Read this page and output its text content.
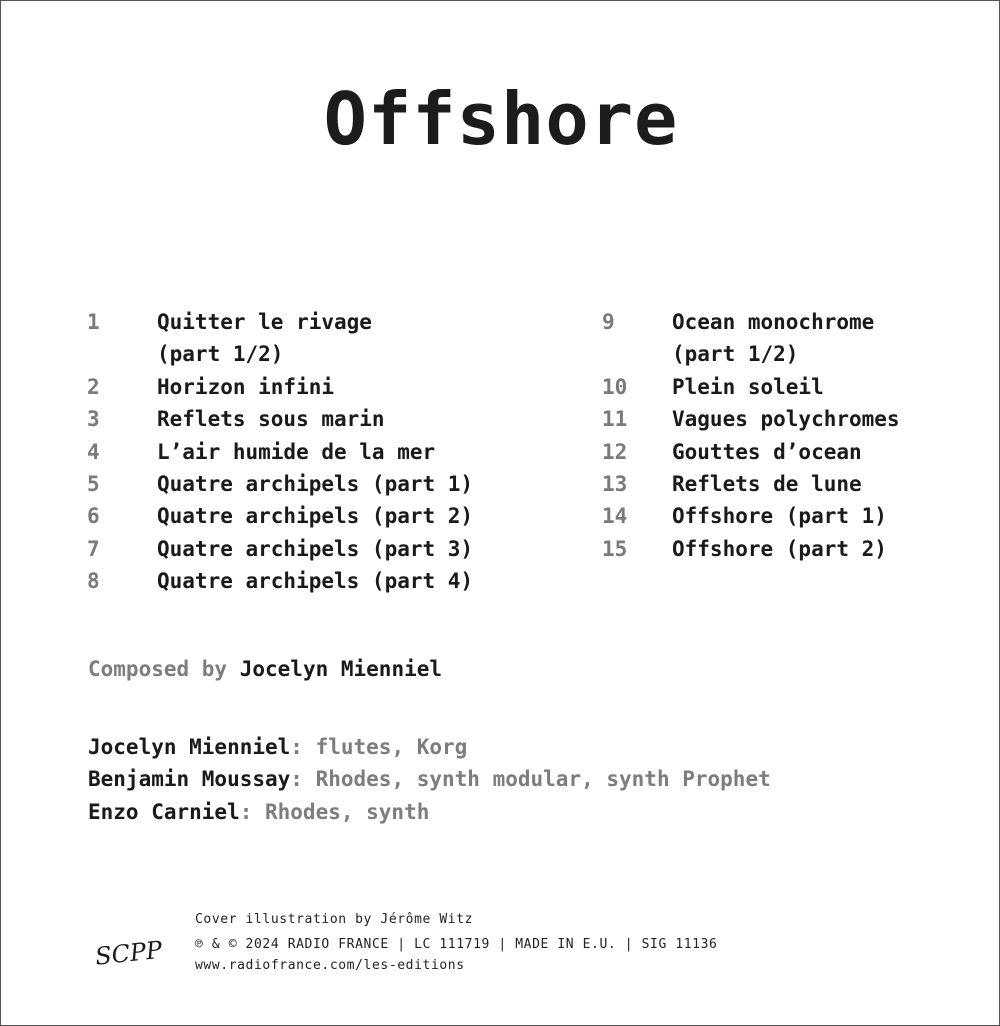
Offshore
1	Quitter le rivage
(part 1/2)
2	Horizon infini
3	Reflets sous marin
4	L’air humide de la mer
5	Quatre archipels (part 1)
6	Quatre archipels (part 2)
7	Quatre archipels (part 3)
8	Quatre archipels (part 4)
9	Ocean monochrome
(part 1/2)
10	Plein soleil
11	Vagues polychromes
12	Gouttes d’ocean
13	Reflets de lune
14	Offshore (part 1)
15	Offshore (part 2)
Composed by Jocelyn Mienniel
Jocelyn Mienniel: flutes, Korg
Benjamin Moussay: Rhodes, synth modular, synth Prophet
Enzo Carniel: Rhodes, synth
SCPP
Cover illustration by Jérôme Witz
℗ & © 2024 RADIO FRANCE | LC 111719 | MADE IN E.U. | SIG 11136
www.radiofrance.com/les-editions
